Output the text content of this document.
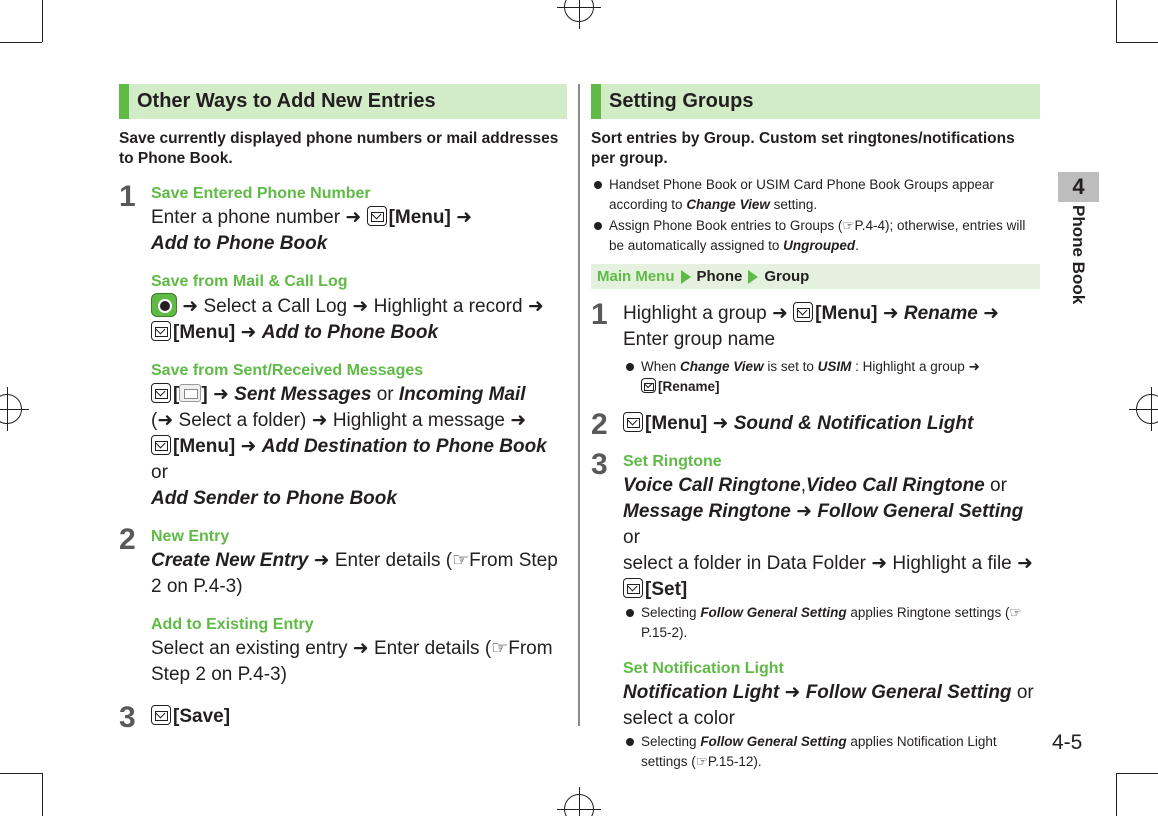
Other Ways to Add New Entries
Save currently displayed phone numbers or mail addresses to Phone Book.
1 Save Entered Phone Number
Enter a phone number ➜ [Menu] ➜
Add to Phone Book
Save from Mail & Call Log
➜ Select a Call Log ➜ Highlight a record ➜
[Menu] ➜ Add to Phone Book
Save from Sent/Received Messages
[ ] ➜ Sent Messages or Incoming Mail
(➜ Select a folder) ➜ Highlight a message ➜
[Menu] ➜ Add Destination to Phone Book or
Add Sender to Phone Book
2 New Entry
Create New Entry ➜ Enter details (☞From Step 2 on P.4-3)
Add to Existing Entry
Select an existing entry ➜ Enter details (☞From Step 2 on P.4-3)
3	[Save]
Setting Groups
Sort entries by Group. Custom set ringtones/notifications per group.
Handset Phone Book or USIM Card Phone Book Groups appear according to Change View setting.
Assign Phone Book entries to Groups (☞P.4-4); otherwise, entries will be automatically assigned to Ungrouped.
Main Menu Phone Group
1 Highlight a group ➜ [Menu] ➜ Rename ➜ Enter group name
When Change View is set to USIM : Highlight a group ➜
[Rename]
2	[Menu] ➜ Sound & Notification Light
3 Set Ringtone
Voice Call Ringtone,Video Call Ringtone or
Message Ringtone ➜ Follow General Setting or
select a folder in Data Folder ➜ Highlight a file ➜ [Set]
Selecting Follow General Setting applies Ringtone settings (☞P.15-2).
Set Notification Light
Notification Light ➜ Follow General Setting or
select a color
Selecting Follow General Setting applies Notification Light settings (☞P.15-12).
4
Phone Book
4-5
